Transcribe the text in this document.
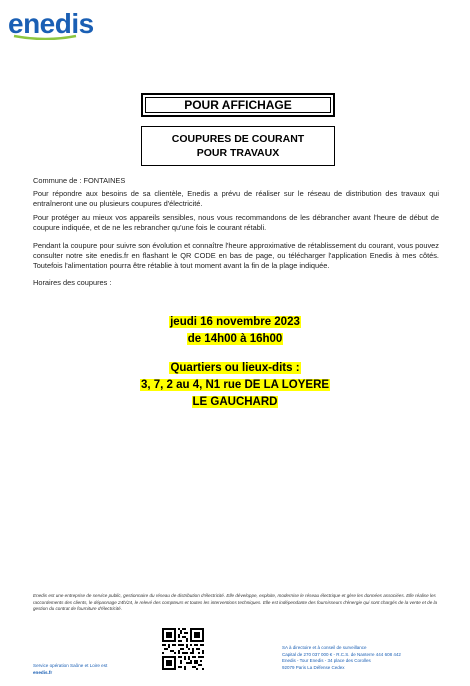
enedis
POUR AFFICHAGE
COUPURES DE COURANT
POUR TRAVAUX
Commune de : FONTAINES
Pour répondre aux besoins de sa clientèle, Enedis a prévu de réaliser sur le réseau de distribution des travaux qui entraîneront une ou plusieurs coupures d'électricité.
Pour protéger au mieux vos appareils sensibles, nous vous recommandons de les débrancher avant l'heure de début de coupure indiquée, et de ne les rebrancher qu'une fois le courant rétabli.
Pendant la coupure pour suivre son évolution et connaître l'heure approximative de rétablissement du courant, vous pouvez consulter notre site enedis.fr en flashant le QR CODE en bas de page, ou télécharger l'application Enedis à mes côtés. Toutefois l'alimentation pourra être rétablie à tout moment avant la fin de la plage indiquée.
Horaires des coupures :
jeudi 16 novembre 2023
de 14h00 à 16h00
Quartiers ou lieux-dits :
3, 7, 2 au 4, N1 rue DE LA LOYERE
LE GAUCHARD
Enedis est une entreprise de service public, gestionnaire du réseau de distribution d'électricité. Elle développe, exploite, modernise le réseau électrique et gère les données associées. Elle réalise les raccordements des clients, le dépannage 24h/24, le relevé des compteurs et toutes les interventions techniques. Elle est indépendante des fournisseurs d'énergie qui sont chargés de la vente et de la gestion du contrat de fourniture d'électricité.
Service opération Saône et Loire est
enedis.fr
SA à directoire et à conseil de surveillance
Capital de 270 037 000 € - R.C.S. de Nanterre 444 608 442
Enedis - Tour Enedis - 34 place des Corolles
92079 Paris La Défense Cedex
